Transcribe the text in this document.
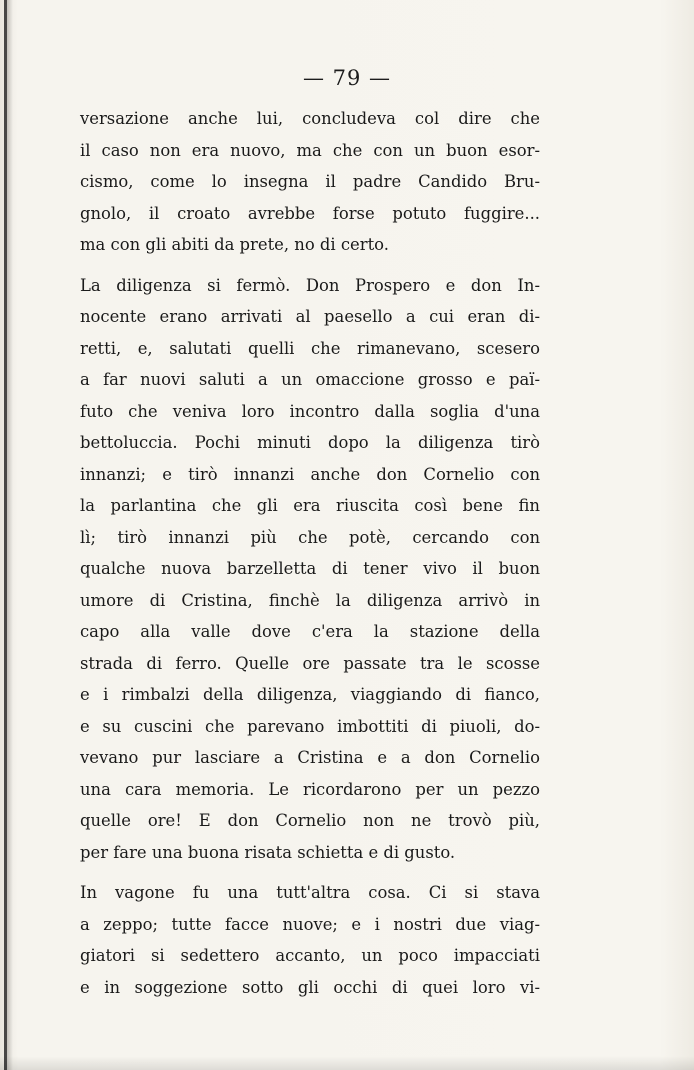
— 79 —
versazione anche lui, concludeva col dire che
il caso non era nuovo, ma che con un buon esor-
cismo, come lo insegna il padre Candido Bru-
gnolo, il croato avrebbe forse potuto fuggire...
ma con gli abiti da prete, no di certo.
La diligenza si fermò. Don Prospero e don In-
nocente erano arrivati al paesello a cui eran di-
retti, e, salutati quelli che rimanevano, scesero
a far nuovi saluti a un omaccione grosso e paï-
futo che veniva loro incontro dalla soglia d'una
bettoluccia. Pochi minuti dopo la diligenza tirò
innanzi; e tirò innanzi anche don Cornelio con
la parlantina che gli era riuscita così bene fin
lì; tirò innanzi più che potè, cercando con
qualche nuova barzelletta di tener vivo il buon
umore di Cristina, finchè la diligenza arrivò in
capo alla valle dove c'era la stazione della
strada di ferro. Quelle ore passate tra le scosse
e i rimbalzi della diligenza, viaggiando di fianco,
e su cuscini che parevano imbottiti di piuoli, do-
vevano pur lasciare a Cristina e a don Cornelio
una cara memoria. Le ricordarono per un pezzo
quelle ore! E don Cornelio non ne trovò più,
per fare una buona risata schietta e di gusto.
In vagone fu una tutt'altra cosa. Ci si stava
a zeppo; tutte facce nuove; e i nostri due viag-
giatori si sedettero accanto, un poco impacciati
e in soggezione sotto gli occhi di quei loro vi-
